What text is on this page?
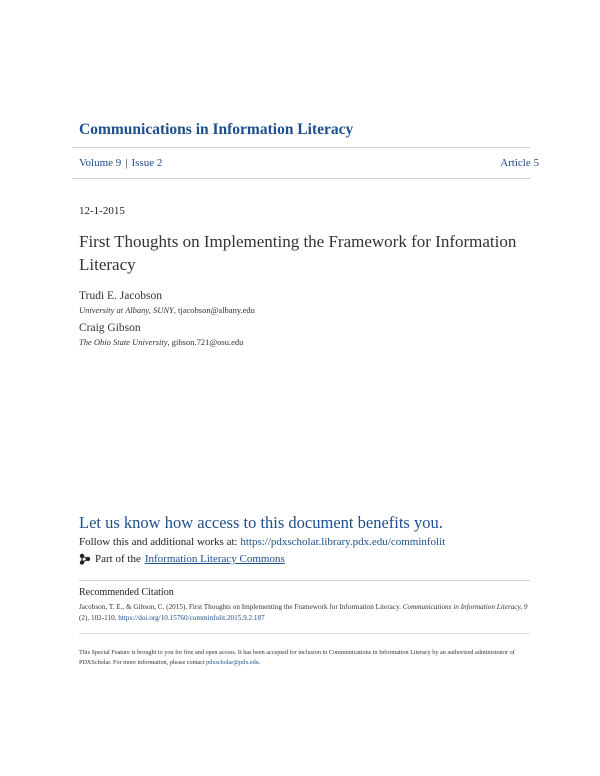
Communications in Information Literacy
Volume 9 | Issue 2	Article 5
12-1-2015
First Thoughts on Implementing the Framework for Information Literacy
Trudi E. Jacobson
University at Albany, SUNY, tjacobson@albany.edu
Craig Gibson
The Ohio State University, gibson.721@osu.edu
Let us know how access to this document benefits you.
Follow this and additional works at: https://pdxscholar.library.pdx.edu/comminfolit
Part of the Information Literacy Commons
Recommended Citation
Jacobson, T. E., & Gibson, C. (2015). First Thoughts on Implementing the Framework for Information Literacy. Communications in Information Literacy, 9 (2), 102-110. https://doi.org/10.15760/comminfolit.2015.9.2.187
This Special Feature is brought to you for free and open access. It has been accepted for inclusion in Communications in Information Literacy by an authorized administrator of PDXScholar. For more information, please contact pdxscholar@pdx.edu.
